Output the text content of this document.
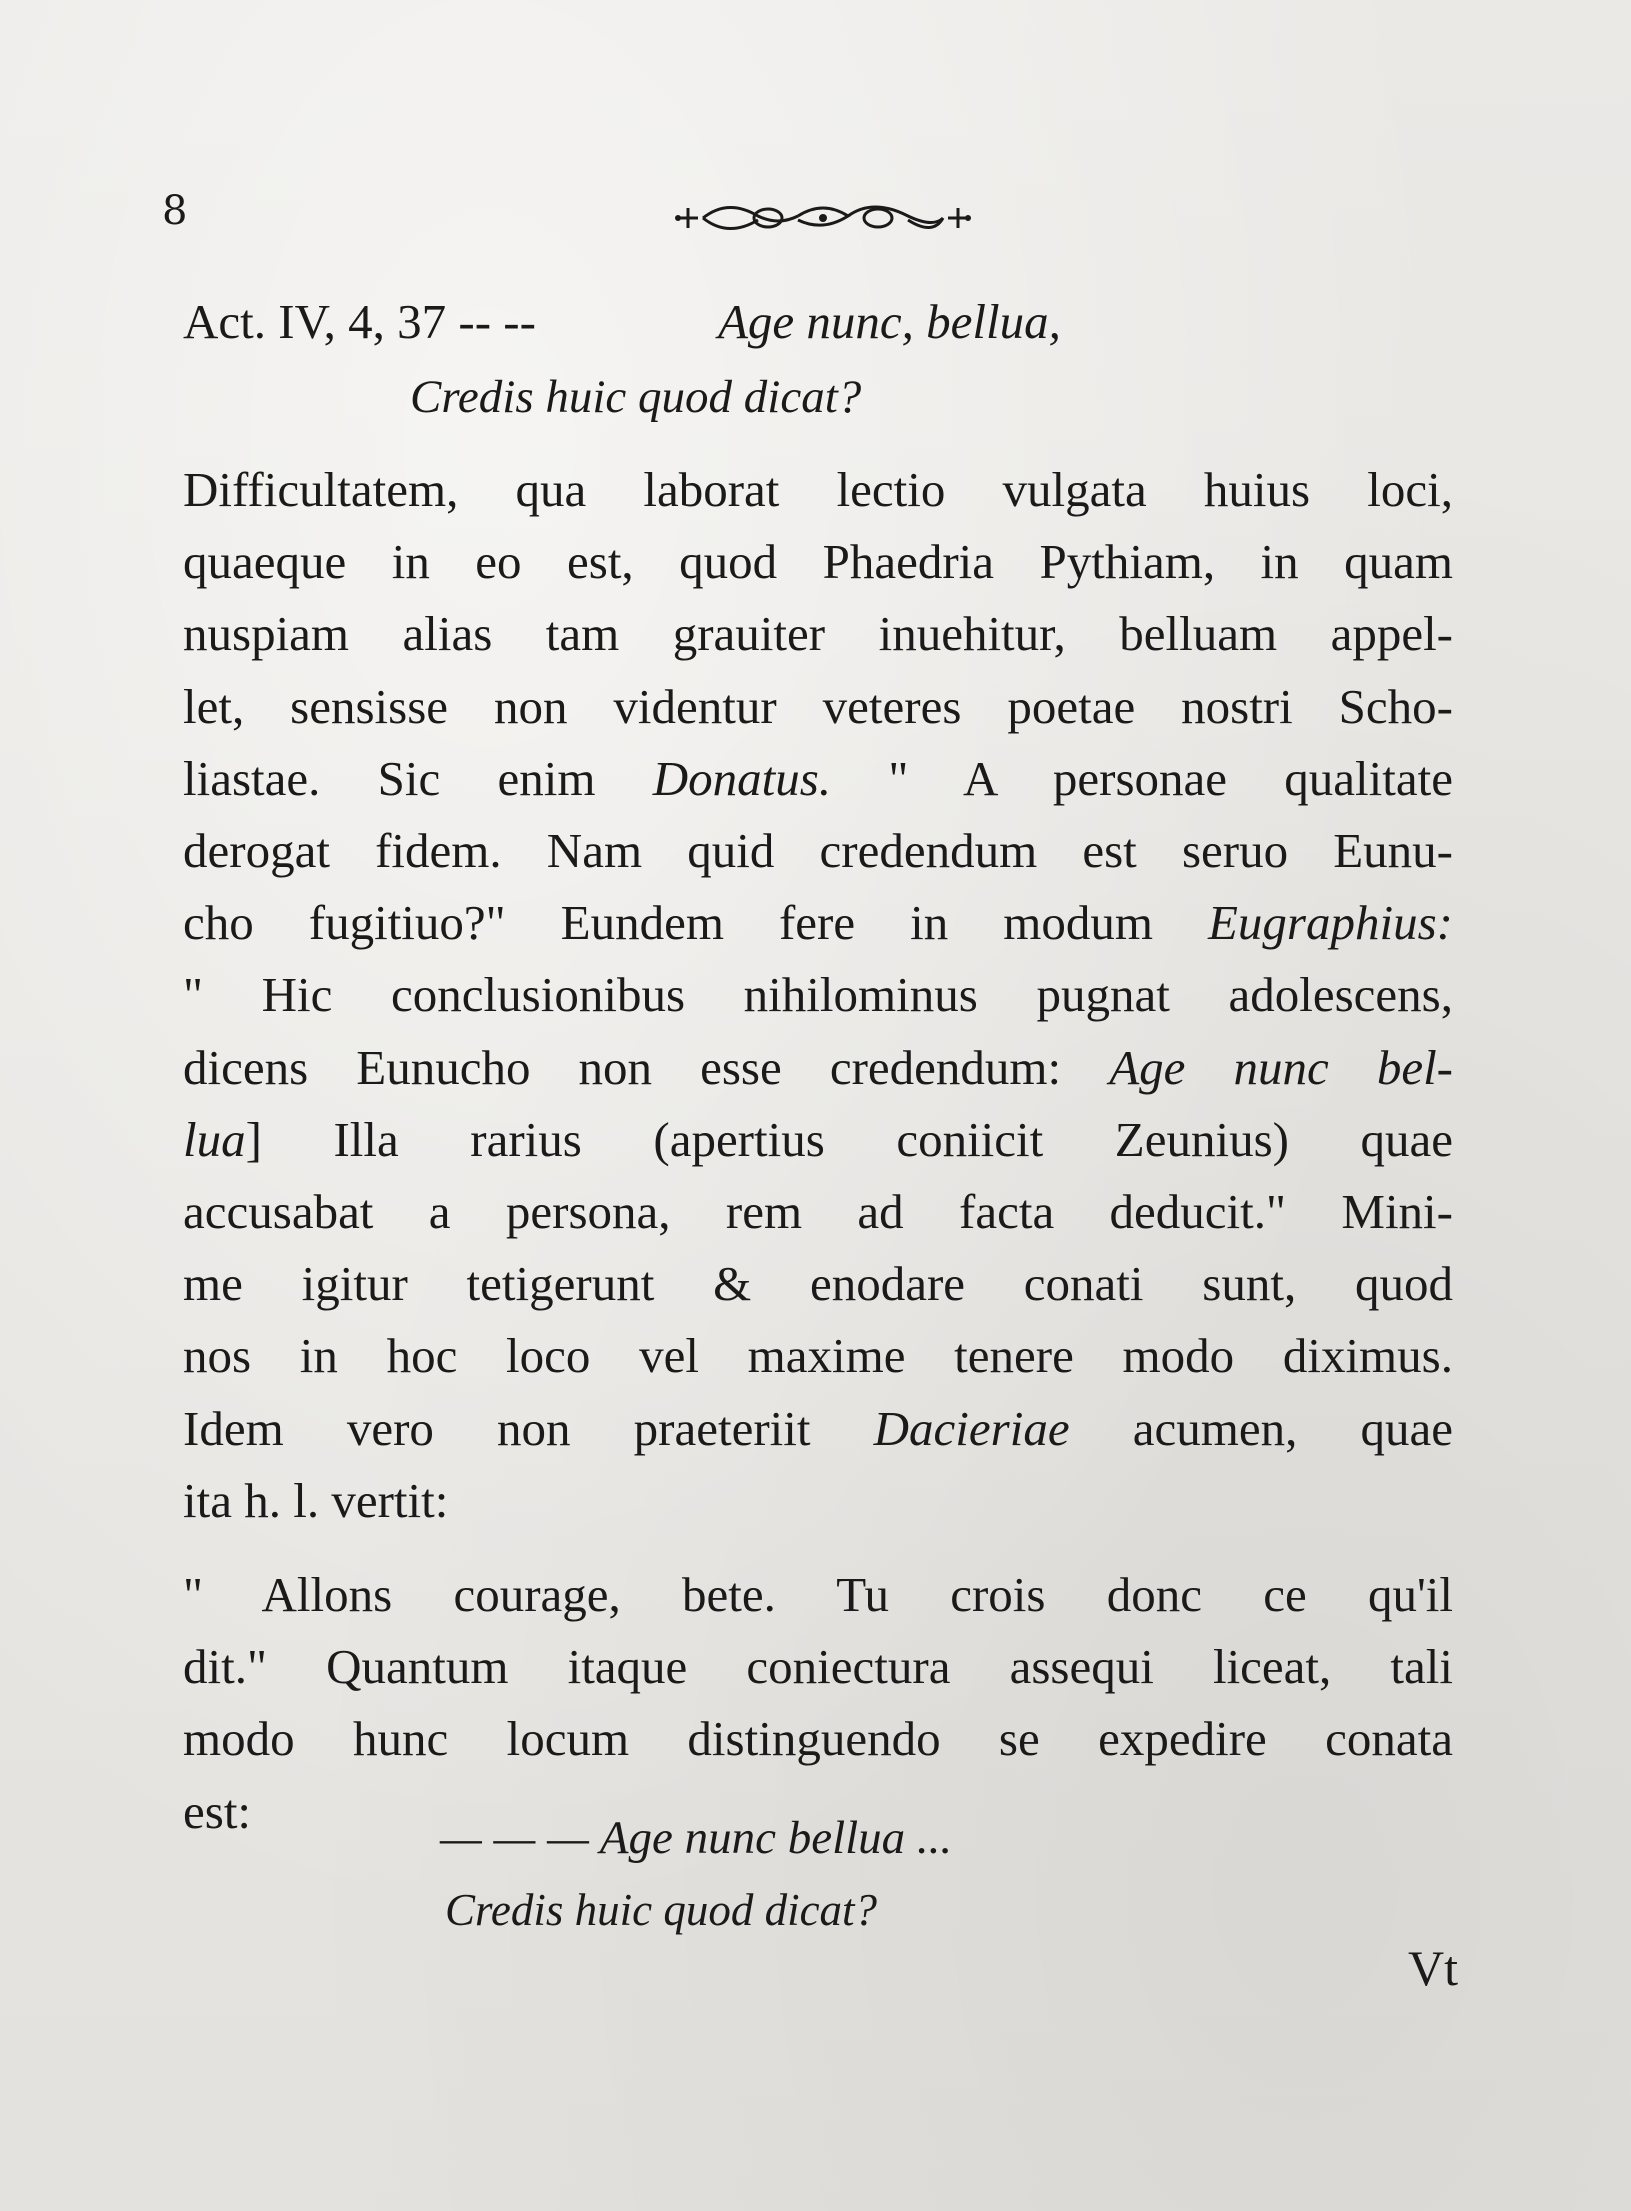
8
Act. IV, 4, 37 -- --	Age nunc, bellua,
Credis huic quod dicat?
Difficultatem, qua laborat lectio vulgata huius loci,
quaeque in eo est, quod Phaedria Pythiam, in quam
nuspiam alias tam grauiter inuehitur, belluam appel-
let, sensisse non videntur veteres poetae nostri Scho-
liastae. Sic enim Donatus. " A personae qualitate
derogat fidem. Nam quid credendum est seruo Eunu-
cho fugitiuo?" Eundem fere in modum Eugraphius:
" Hic conclusionibus nihilominus pugnat adolescens,
dicens Eunucho non esse credendum: Age nunc bel-
lua] Illa rarius (apertius coniicit Zeunius) quae
accusabat a persona, rem ad facta deducit." Mini-
me igitur tetigerunt & enodare conati sunt, quod
nos in hoc loco vel maxime tenere modo diximus.
Idem vero non praeteriit Dacieriae acumen, quae
ita h. l. vertit:
" Allons courage, bete. Tu crois donc ce qu'il
dit." Quantum itaque coniectura assequi liceat, tali
modo hunc locum distinguendo se expedire conata
est:	— — — Age nunc bellua ...
Credis huic quod dicat?
Vt
